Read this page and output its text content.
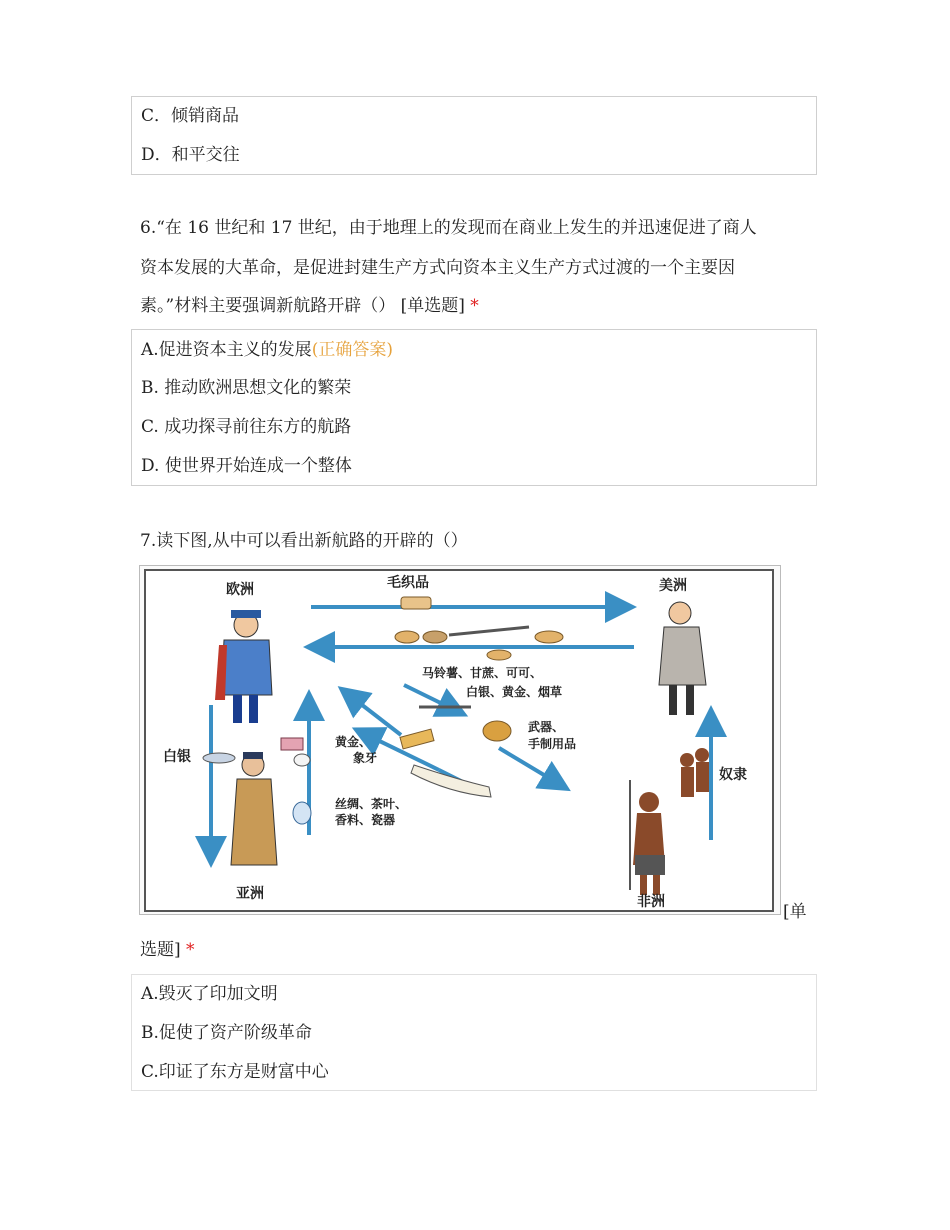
C．倾销商品
D．和平交往
6.“在 16 世纪和 17 世纪，由于地理上的发现而在商业上发生的并迅速促进了商人
资本发展的大革命，是促进封建生产方式向资本主义生产方式过渡的一个主要因
素。”材料主要强调新航路开辟（） [单选题] *
A.促进资本主义的发展(正确答案)
B. 推动欧洲思想文化的繁荣
C. 成功探寻前往东方的航路
D. 使世界开始连成一个整体
7.读下图,从中可以看出新航路的开辟的（）
欧洲	美洲
亚洲	非洲
毛织品
马铃薯、甘蔗、可可、
白银、黄金、烟草
武器、
手制用品
黄金、
象牙
丝绸、茶叶、
香料、瓷器
白银
奴隶
[单
选题] *
A.毁灭了印加文明
B.促使了资产阶级革命
C.印证了东方是财富中心
